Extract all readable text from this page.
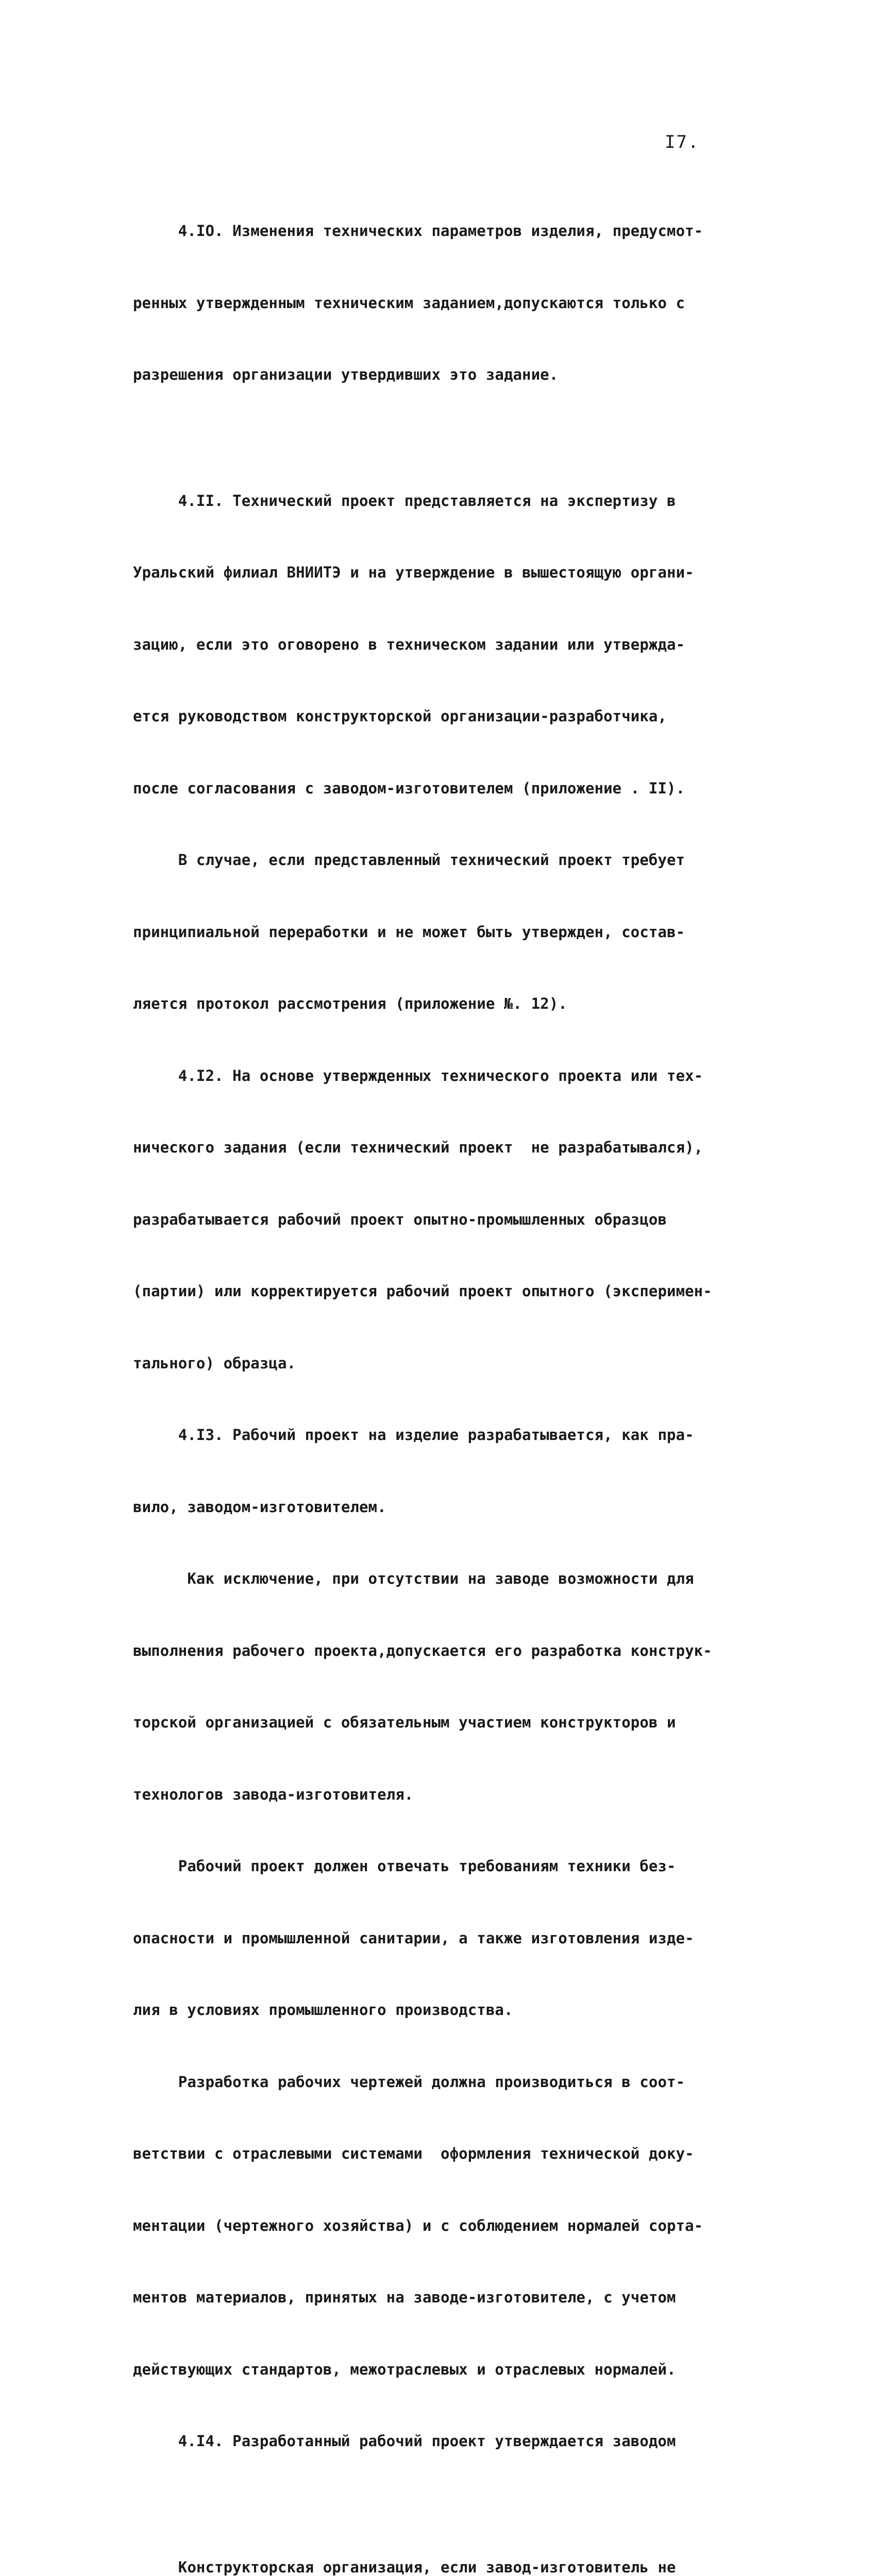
I7.

4.IO. Изменения технических параметров изделия, предусмот-

ренных утвержденным техническим заданием,допускаются только с

разрешения организации утвердивших это задание.

4.II. Технический проект представляется на экспертизу в

Уральский филиал ВНИИТЭ и на утверждение в вышестоящую органи-

зацию, если это оговорено в техническом задании или утвержда-

ется руководством конструкторской организации-разработчика,

после согласования с заводом-изготовителем (приложение . II).

В случае, если представленный технический проект требует

принципиальной переработки и не может быть утвержден, состав-

ляется протокол рассмотрения (приложение №. 12).

4.I2. На основе утвержденных технического проекта или тех-

нического задания (если технический проект  не разрабатывался),

разрабатывается рабочий проект опытно-промышленных образцов

(партии) или корректируется рабочий проект опытного (эксперимен-

тального) образца.

4.I3. Рабочий проект на изделие разрабатывается, как пра-

вило, заводом-изготовителем.

Как исключение, при отсутствии на заводе возможности для

выполнения рабочего проекта,допускается его разработка конструк-

торской организацией с обязательным участием конструкторов и

технологов завода-изготовителя.

Рабочий проект должен отвечать требованиям техники без-

опасности и промышленной санитарии, а также изготовления изде-

лия в условиях промышленного производства.

Разработка рабочих чертежей должна производиться в соот-

ветствии с отраслевыми системами  оформления технической доку-

ментации (чертежного хозяйства) и с соблюдением нормалей сорта-

ментов материалов, принятых на заводе-изготовителе, с учетом

действующих стандартов, межотраслевых и отраслевых нормалей.

4.I4. Разработанный рабочий проект утверждается заводом

Конструкторская организация, если завод-изготовитель не
